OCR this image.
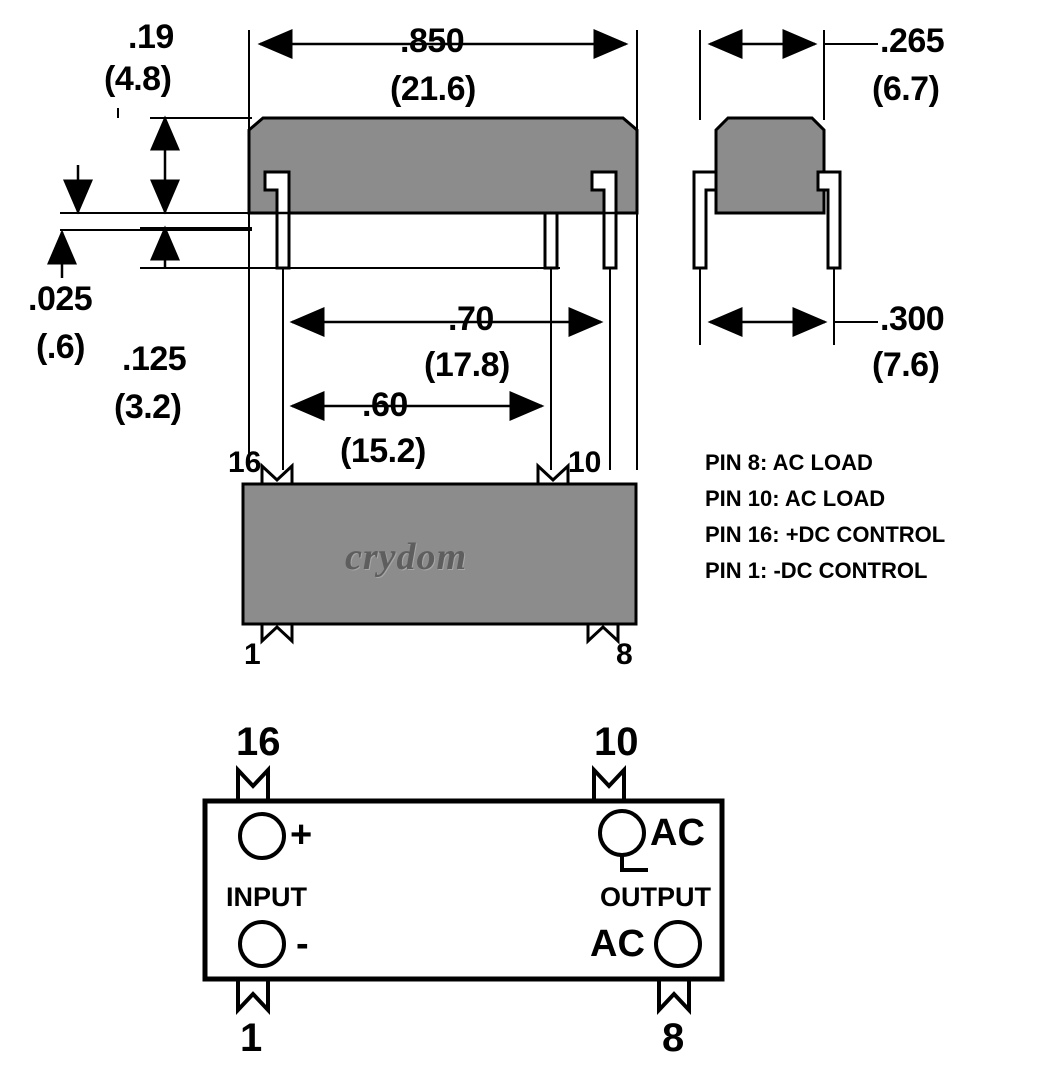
.19
(4.8)
.850
(21.6)
.265
(6.7)
.025
(.6) .125
(3.2)
.70
(17.8)
.300
(7.6)
.60
(15.2)
16	10
1	8
crydom
PIN 8: AC LOAD
PIN 10: AC LOAD
PIN 16: +DC CONTROL
PIN 1: -DC CONTROL
16	10
1	8
+
-
AC
AC
INPUT	OUTPUT
